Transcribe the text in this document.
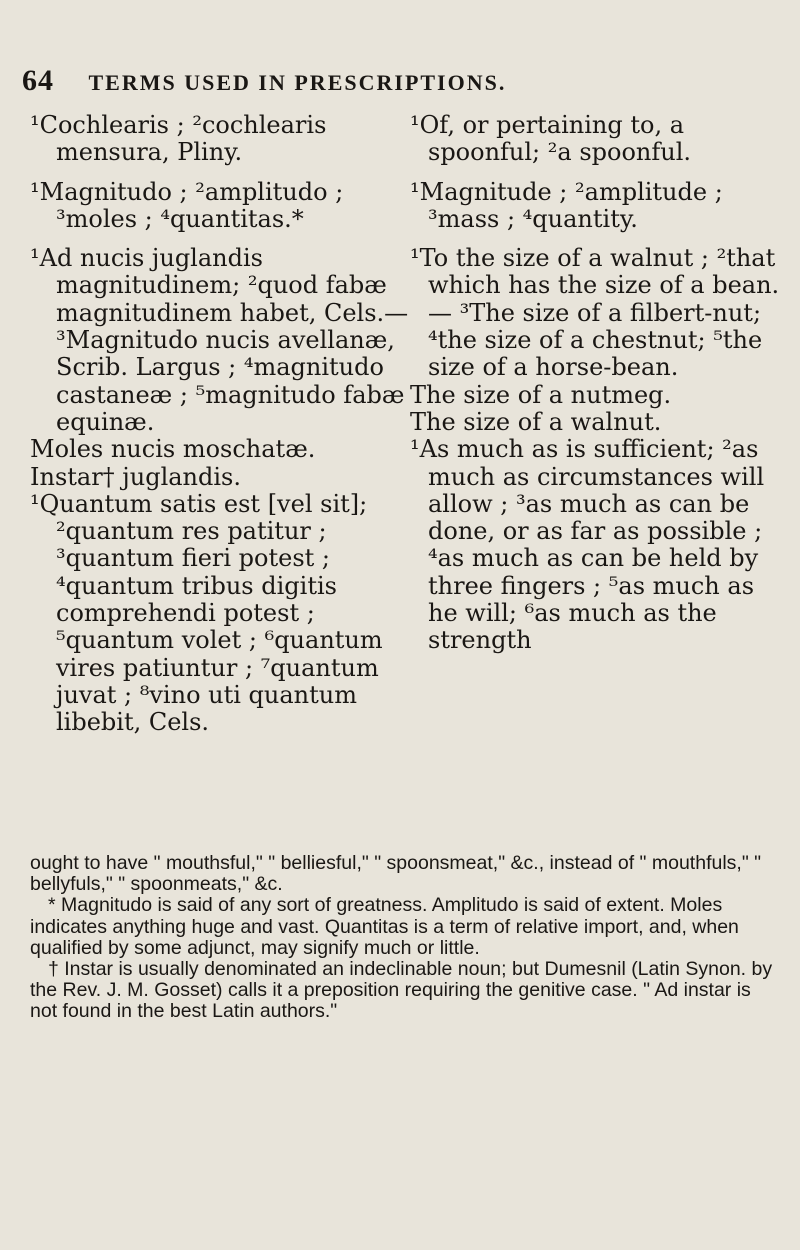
64 TERMS USED IN PRESCRIPTIONS.
¹Cochlearis ; ²cochlearis mensura, Pliny.
¹Magnitudo ; ²amplitudo ; ³moles ; ⁴quantitas.*
¹Ad nucis juglandis magnitudinem; ²quod fabæ magnitudinem habet, Cels.— ³Magnitudo nucis avellanæ, Scrib. Largus ; ⁴magnitudo castaneæ ; ⁵magnitudo fabæ equinæ.
Moles nucis moschatæ.
Instar† juglandis.
¹Quantum satis est [vel sit]; ²quantum res patitur ; ³quantum fieri potest ; ⁴quantum tribus digitis comprehendi potest ; ⁵quantum volet ; ⁶quantum vires patiuntur ; ⁷quantum juvat ; ⁸vino uti quantum libebit, Cels.
¹Of, or pertaining to, a spoonful; ²a spoonful.
¹Magnitude ; ²amplitude ; ³mass ; ⁴quantity.
¹To the size of a walnut ; ²that which has the size of a bean.— ³The size of a filbert-nut; ⁴the size of a chestnut; ⁵the size of a horse-bean.
The size of a nutmeg.
The size of a walnut.
¹As much as is sufficient; ²as much as circumstances will allow ; ³as much as can be done, or as far as possible ; ⁴as much as can be held by three fingers ; ⁵as much as he will; ⁶as much as the strength

ought to have " mouthsful," " belliesful," " spoonsmeat," &c., instead of " mouthfuls," " bellyfuls," " spoonmeats," &c.

* Magnitudo is said of any sort of greatness. Amplitudo is said of extent. Moles indicates anything huge and vast. Quantitas is a term of relative import, and, when qualified by some adjunct, may signify much or little.

† Instar is usually denominated an indeclinable noun; but Dumesnil (Latin Synon. by the Rev. J. M. Gosset) calls it a preposition requiring the genitive case. " Ad instar is not found in the best Latin authors."
